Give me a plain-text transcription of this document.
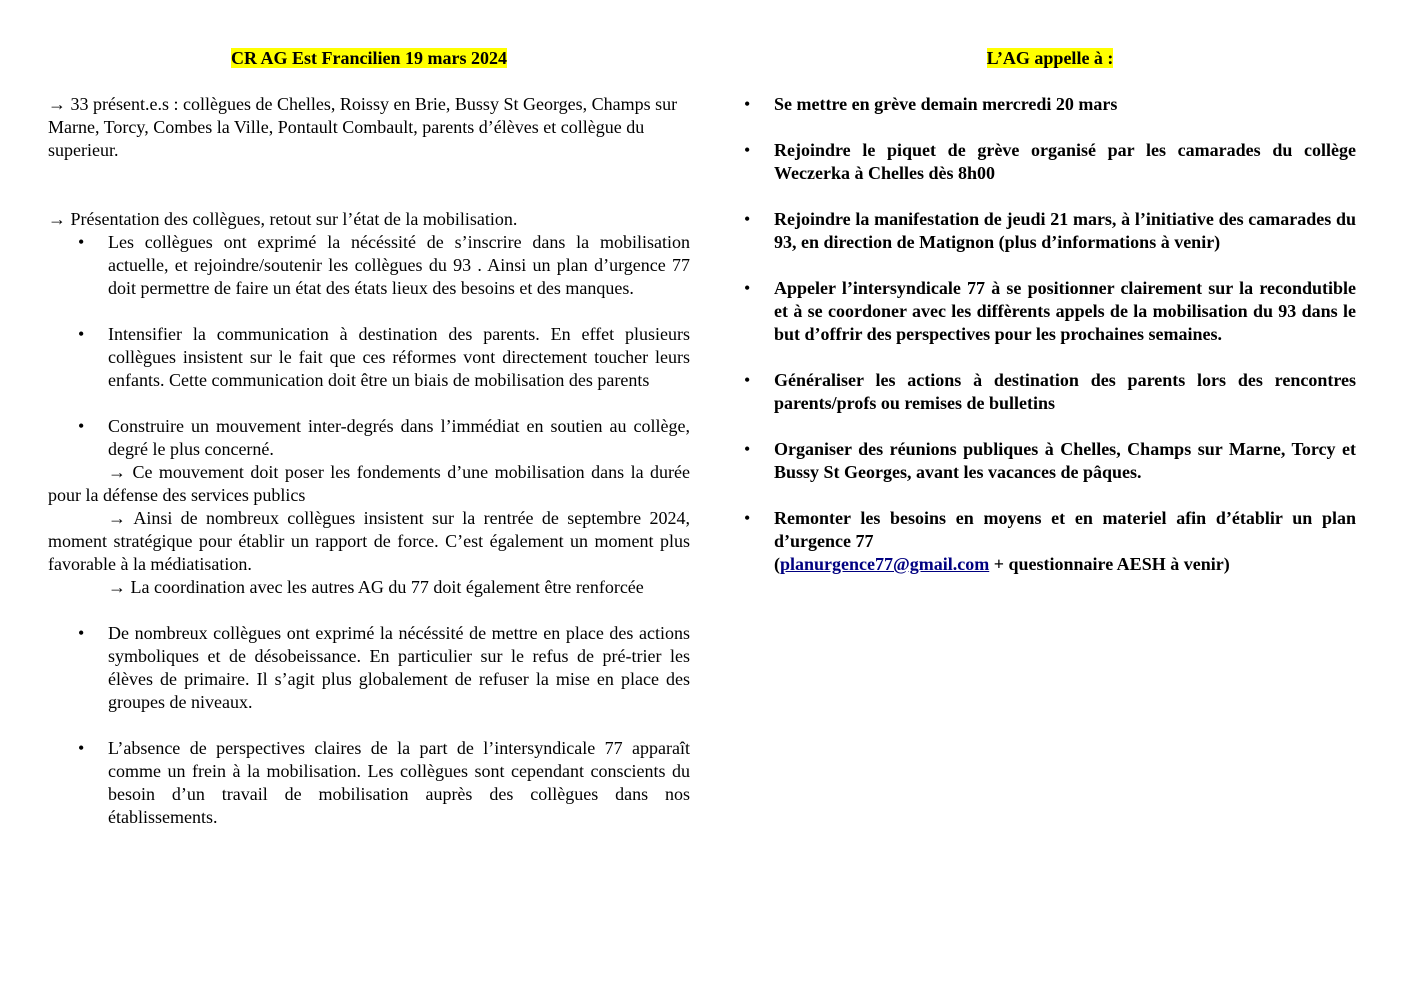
CR AG Est Francilien 19 mars 2024

→ 33 présent.e.s : collègues de Chelles, Roissy en Brie, Bussy St Georges, Champs sur Marne, Torcy, Combes la Ville, Pontault Combault, parents d’élèves et collègue du superieur.

→ Présentation des collègues, retout sur l’état de la mobilisation.

• Les collègues ont exprimé la nécéssité de s’inscrire dans la mobilisation actuelle, et rejoindre/soutenir les collègues du 93 . Ainsi un plan d’urgence 77 doit permettre de faire un état des états lieux des besoins et des manques.
• Intensifier la communication à destination des parents. En effet plusieurs collègues insistent sur le fait que ces réformes vont directement toucher leurs enfants. Cette communication doit être un biais de mobilisation des parents
• Construire un mouvement inter-degrés dans l’immédiat en soutien au collège, degré le plus concerné.

→ Ce mouvement doit poser les fondements d’une mobilisation dans la durée pour la défense des services publics

→ Ainsi de nombreux collègues insistent sur la rentrée de septembre 2024, moment stratégique pour établir un rapport de force. C’est également un moment plus favorable à la médiatisation.

→ La coordination avec les autres AG du 77 doit également être renforcée

• De nombreux collègues ont exprimé la nécéssité de mettre en place des actions symboliques et de désobeissance. En particulier sur le refus de pré-trier les élèves de primaire. Il s’agit plus globalement de refuser la mise en place des groupes de niveaux.
• L’absence de perspectives claires de la part de l’intersyndicale 77 apparaît comme un frein à la mobilisation. Les collègues sont cependant conscients du besoin d’un travail de mobilisation auprès des collègues dans nos établissements.
L’AG appelle à :
• Se mettre en grève demain mercredi 20 mars
• Rejoindre le piquet de grève organisé par les camarades du collège Weczerka à Chelles dès 8h00
• Rejoindre la manifestation de jeudi 21 mars, à l’initiative des camarades du 93, en direction de Matignon (plus d’informations à venir)
• Appeler l’intersyndicale 77 à se positionner clairement sur la recondutible et à se coordoner avec les diffèrents appels de la mobilisation du 93 dans le but d’offrir des perspectives pour les prochaines semaines.
• Généraliser les actions à destination des parents lors des rencontres parents/profs ou remises de bulletins
• Organiser des réunions publiques à Chelles, Champs sur Marne, Torcy et Bussy St Georges, avant les vacances de pâques.
• Remonter les besoins en moyens et en materiel afin d’établir un plan d’urgence 77
(planurgence77@gmail.com + questionnaire AESH à venir)
